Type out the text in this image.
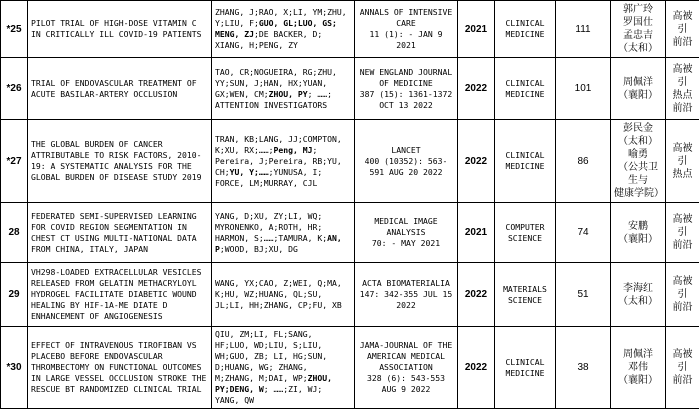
*25	PILOT TRIAL OF HIGH-DOSE VITAMIN C IN CRITICALLY ILL COVID-19 PATIENTS	ZHANG, J;RAO, X;LI, YM;ZHU, Y;LIU, F;GUO, GL;LUO, GS; MENG, ZJ;DE BACKER, D; XIANG, H;PENG, ZY	ANNALS OF INTENSIVE
CARE
11 (1): - JAN 9
2021	2021	CLINICAL
MEDICINE	111	郭广玲
罗国仕
孟忠吉（太和）	高被引
前沿

*26	TRIAL OF ENDOVASCULAR TREATMENT OF ACUTE BASILAR-ARTERY OCCLUSION	TAO, CR;NOGUEIRA, RG;ZHU, YY;SUN, J;HAN, HX;YUAN, GX;WEN, CM;ZHOU, PY; ……; ATTENTION INVESTIGATORS	NEW ENGLAND JOURNAL
OF MEDICINE
387 (15): 1361-1372
OCT 13 2022	2022	CLINICAL
MEDICINE	101	周佩洋
（襄阳）	高被引
热点
前沿

*27	THE GLOBAL BURDEN OF CANCER ATTRIBUTABLE TO RISK FACTORS, 2010-19: A SYSTEMATIC ANALYSIS FOR THE GLOBAL BURDEN OF DISEASE STUDY 2019	TRAN, KB;LANG, JJ;COMPTON, K;XU, RX;……;Peng, MJ; Pereira, J;Pereira, RB;YU, CH;YU, Y;……;YUNUSA, I; FORCE, LM;MURRAY, CJL	LANCET
400 (10352): 563-
591 AUG 20 2022	2022	CLINICAL
MEDICINE	86	彭民金
（太和）
喻勇
（公共卫生与
健康学院）	高被引
热点

28	FEDERATED SEMI-SUPERVISED LEARNING FOR COVID REGION SEGMENTATION IN CHEST CT USING MULTI-NATIONAL DATA FROM CHINA, ITALY, JAPAN	YANG, D;XU, ZY;LI, WQ; MYRONENKO, A;ROTH, HR; HARMON, S;……;TAMURA, K;AN, P;WOOD, BJ;XU, DG	MEDICAL IMAGE
ANALYSIS
70: - MAY 2021	2021	COMPUTER
SCIENCE	74	安鹏
（襄阳）	高被引
前沿

29	VH298-LOADED EXTRACELLULAR VESICLES RELEASED FROM GELATIN METHACRYLOYL HYDROGEL FACILITATE DIABETIC WOUND HEALING BY HIF-1A-ME DIATE D ENHANCEMENT OF ANGIOGENESIS	WANG, YX;CAO, Z;WEI, Q;MA, K;HU, WZ;HUANG, QL;SU, JL;LI, HH;ZHANG, CP;FU, XB	ACTA BIOMATERIALIA
147: 342-355 JUL 15
2022	2022	MATERIALS
SCIENCE	51	李海红
（太和）	高被引
前沿

*30	EFFECT OF INTRAVENOUS TIROFIBAN VS PLACEBO BEFORE ENDOVASCULAR THROMBECTOMY ON FUNCTIONAL OUTCOMES IN LARGE VESSEL OCCLUSION STROKE THE RESCUE BT RANDOMIZED CLINICAL TRIAL	QIU, ZM;LI, FL;SANG, HF;LUO, WD;LIU, S;LIU, WH;GUO, ZB; LI, HG;SUN, D;HUANG, WG; ZHANG, M;ZHANG, M;DAI, WP;ZHOU, PY;DENG, W; ……;ZI, WJ; YANG, QW	JAMA-JOURNAL OF THE
AMERICAN MEDICAL
ASSOCIATION
328 (6): 543-553
AUG 9 2022	2022	CLINICAL
MEDICINE	38	周佩洋
邓伟
（襄阳）	高被引
前沿
